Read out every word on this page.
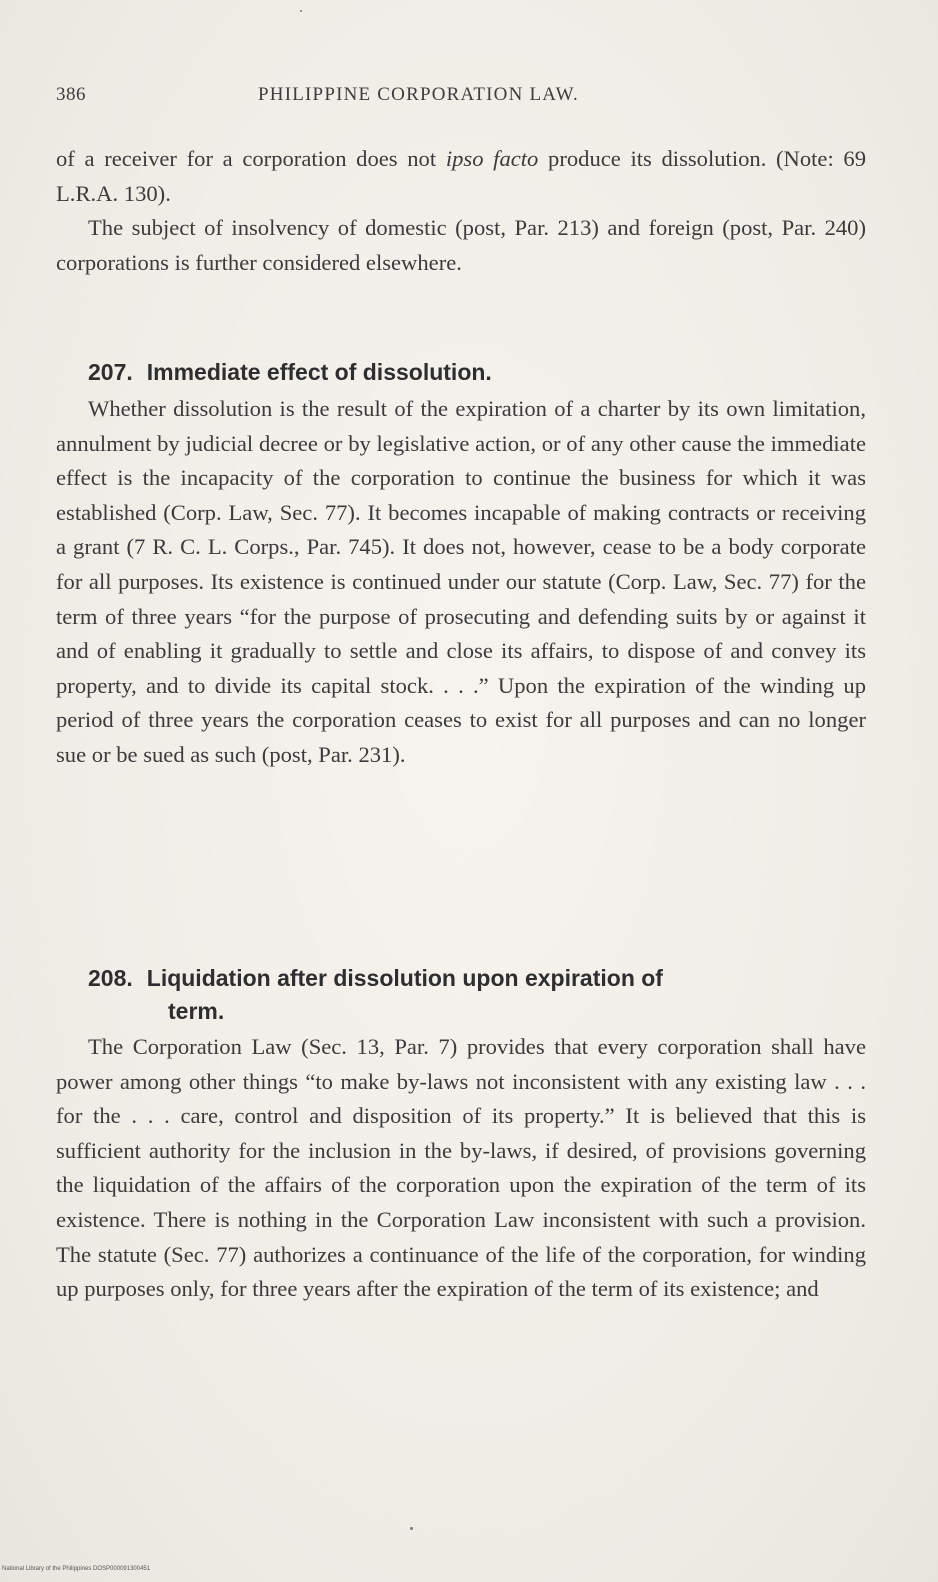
386	PHILIPPINE CORPORATION LAW.

of a receiver for a corporation does not ipso facto produce its dissolution. (Note: 69 L.R.A. 130).

The subject of insolvency of domestic (post, Par. 213) and foreign (post, Par. 240) corporations is further considered elsewhere.

207. Immediate effect of dissolution.

Whether dissolution is the result of the expiration of a charter by its own limitation, annulment by judicial decree or by legislative action, or of any other cause the immediate effect is the incapacity of the corporation to continue the business for which it was established (Corp. Law, Sec. 77). It becomes incapable of making contracts or receiving a grant (7 R. C. L. Corps., Par. 745). It does not, however, cease to be a body corporate for all purposes. Its existence is continued under our statute (Corp. Law, Sec. 77) for the term of three years “for the purpose of prosecuting and defending suits by or against it and of enabling it gradually to settle and close its affairs, to dispose of and convey its property, and to divide its capital stock. . . .” Upon the expiration of the winding up period of three years the corporation ceases to exist for all purposes and can no longer sue or be sued as such (post, Par. 231).

208. Liquidation after dissolution upon expiration of
term.

The Corporation Law (Sec. 13, Par. 7) provides that every corporation shall have power among other things “to make by-laws not inconsistent with any existing law . . . for the . . . care, control and disposition of its property.” It is believed that this is sufficient authority for the inclusion in the by-laws, if desired, of provisions governing the liquidation of the affairs of the corporation upon the expiration of the term of its existence. There is nothing in the Corporation Law inconsistent with such a provision. The statute (Sec. 77) authorizes a continuance of the life of the corporation, for winding up purposes only, for three years after the expiration of the term of its existence; and

National Library of the Philippines DOSP000091300451
